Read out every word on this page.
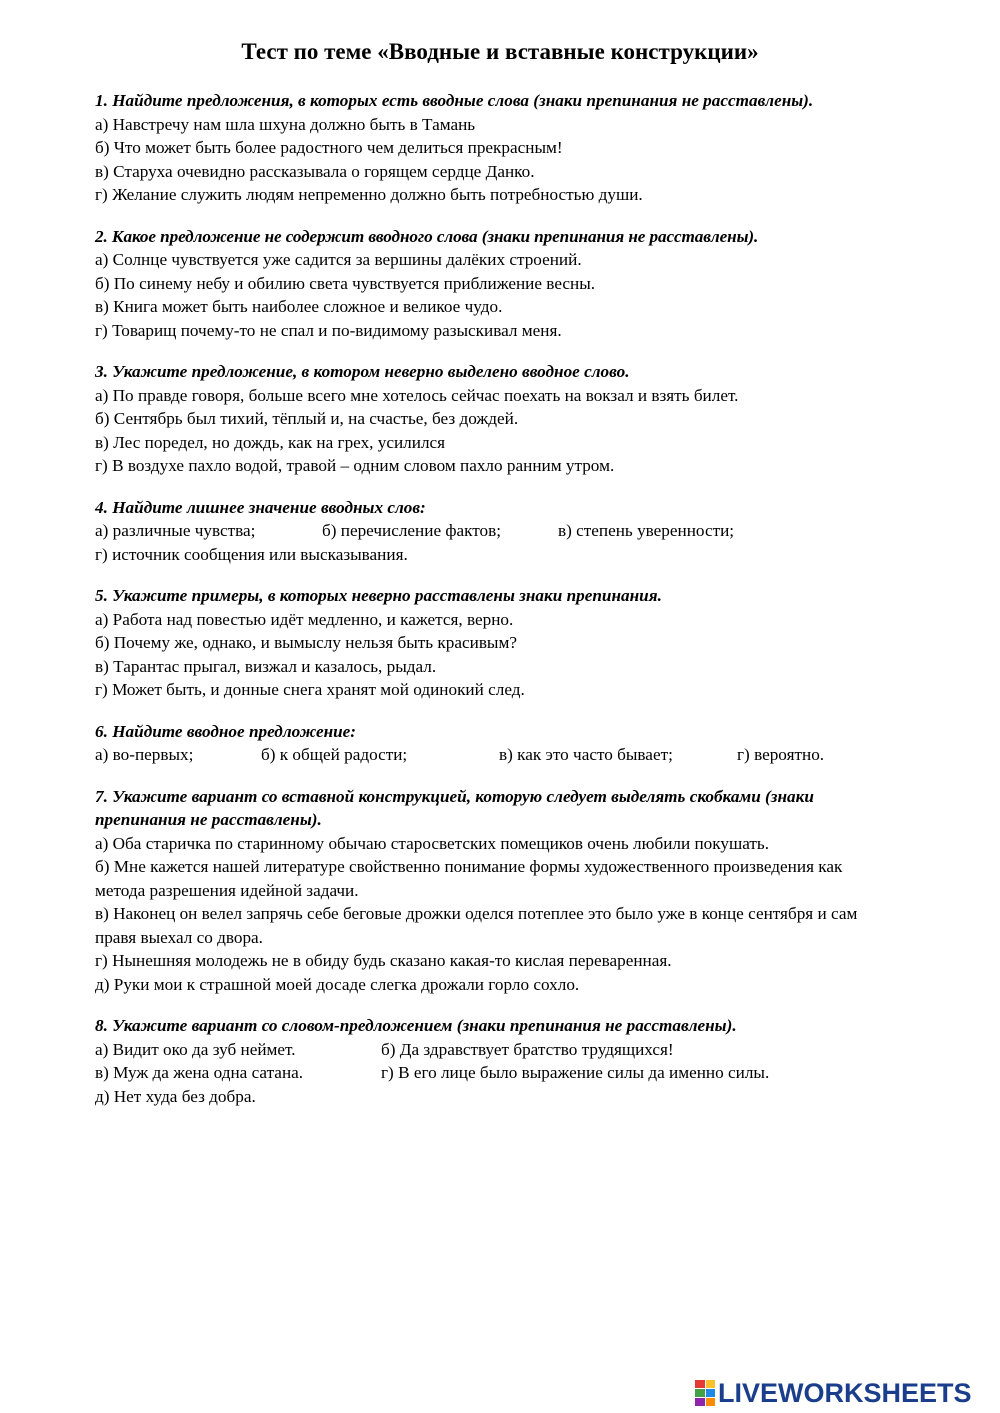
Тест по теме «Вводные и вставные конструкции»

1. Найдите предложения, в которых есть вводные слова (знаки препинания не расставлены).

а) Навстречу нам шла шхуна должно быть в Тамань

б) Что может быть более радостного чем делиться прекрасным!

в) Старуха очевидно рассказывала о горящем сердце Данко.

г) Желание служить людям непременно должно быть потребностью души.

2. Какое предложение не содержит вводного слова (знаки препинания не расставлены).

а) Солнце чувствуется уже садится за вершины далёких строений.

б) По синему небу и обилию света чувствуется приближение весны.

в) Книга может быть наиболее сложное и великое чудо.

г) Товарищ почему-то не спал и по-видимому разыскивал меня.

3. Укажите предложение, в котором неверно выделено вводное слово.

а) По правде говоря, больше всего мне хотелось сейчас поехать на вокзал и взять билет.

б) Сентябрь был тихий, тёплый и, на счастье, без дождей.

в) Лес поредел, но дождь, как на грех, усилился

г) В воздухе пахло водой, травой – одним словом пахло ранним утром.

4. Найдите лишнее значение вводных слов:

а) различные чувства;	б) перечисление фактов;	в) степень уверенности;

г) источник сообщения или высказывания.

5. Укажите примеры, в которых неверно расставлены знаки препинания.

а) Работа над повестью идёт медленно, и кажется, верно.

б) Почему же, однако, и вымыслу нельзя быть красивым?

в) Тарантас прыгал, визжал и казалось, рыдал.

г) Может быть, и донные снега хранят мой одинокий след.

6. Найдите вводное предложение:

а) во-первых;	б) к общей радости;	в) как это часто бывает;	г) вероятно.

7. Укажите вариант со вставной конструкцией, которую следует выделять скобками (знаки препинания не расставлены).

а) Оба старичка по старинному обычаю старосветских помещиков очень любили покушать.

б) Мне кажется нашей литературе свойственно понимание формы художественного произведения как метода разрешения идейной задачи.

в) Наконец он велел запрячь себе беговые дрожки оделся потеплее это было уже в конце сентября и сам правя выехал со двора.

г) Нынешняя молодежь не в обиду будь сказано какая-то кислая переваренная.

д) Руки мои к страшной моей досаде слегка дрожали горло сохло.

8. Укажите вариант со словом-предложением (знаки препинания не расставлены).

а) Видит око да зуб неймет.	б) Да здравствует братство трудящихся!
в) Муж да жена одна сатана.	г) В его лице было выражение силы да именно силы.

д) Нет худа без добра.

LIVEWORKSHEETS
